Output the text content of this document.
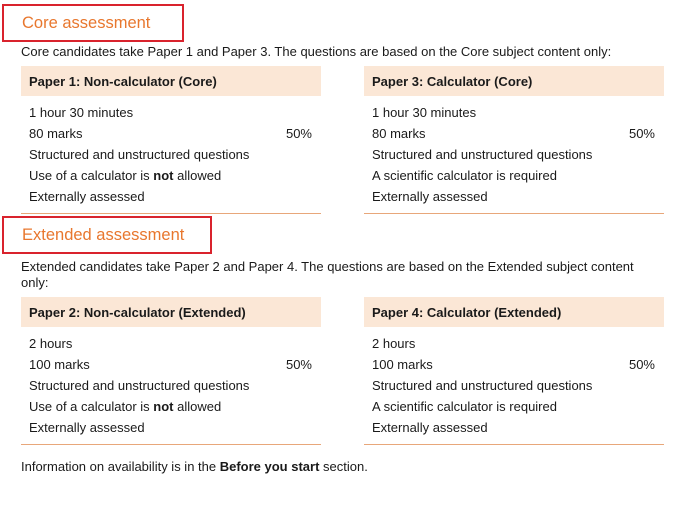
Core assessment
Core candidates take Paper 1 and Paper 3. The questions are based on the Core subject content only:
Paper 1: Non-calculator (Core)
1 hour 30 minutes
80 marks	50%
Structured and unstructured questions
Use of a calculator is not allowed
Externally assessed
Paper 3: Calculator (Core)
1 hour 30 minutes
80 marks	50%
Structured and unstructured questions
A scientific calculator is required
Externally assessed
Extended assessment
Extended candidates take Paper 2 and Paper 4. The questions are based on the Extended subject content only:
Paper 2: Non-calculator (Extended)
2 hours
100 marks	50%
Structured and unstructured questions
Use of a calculator is not allowed
Externally assessed
Paper 4: Calculator (Extended)
2 hours
100 marks	50%
Structured and unstructured questions
A scientific calculator is required
Externally assessed
Information on availability is in the Before you start section.
